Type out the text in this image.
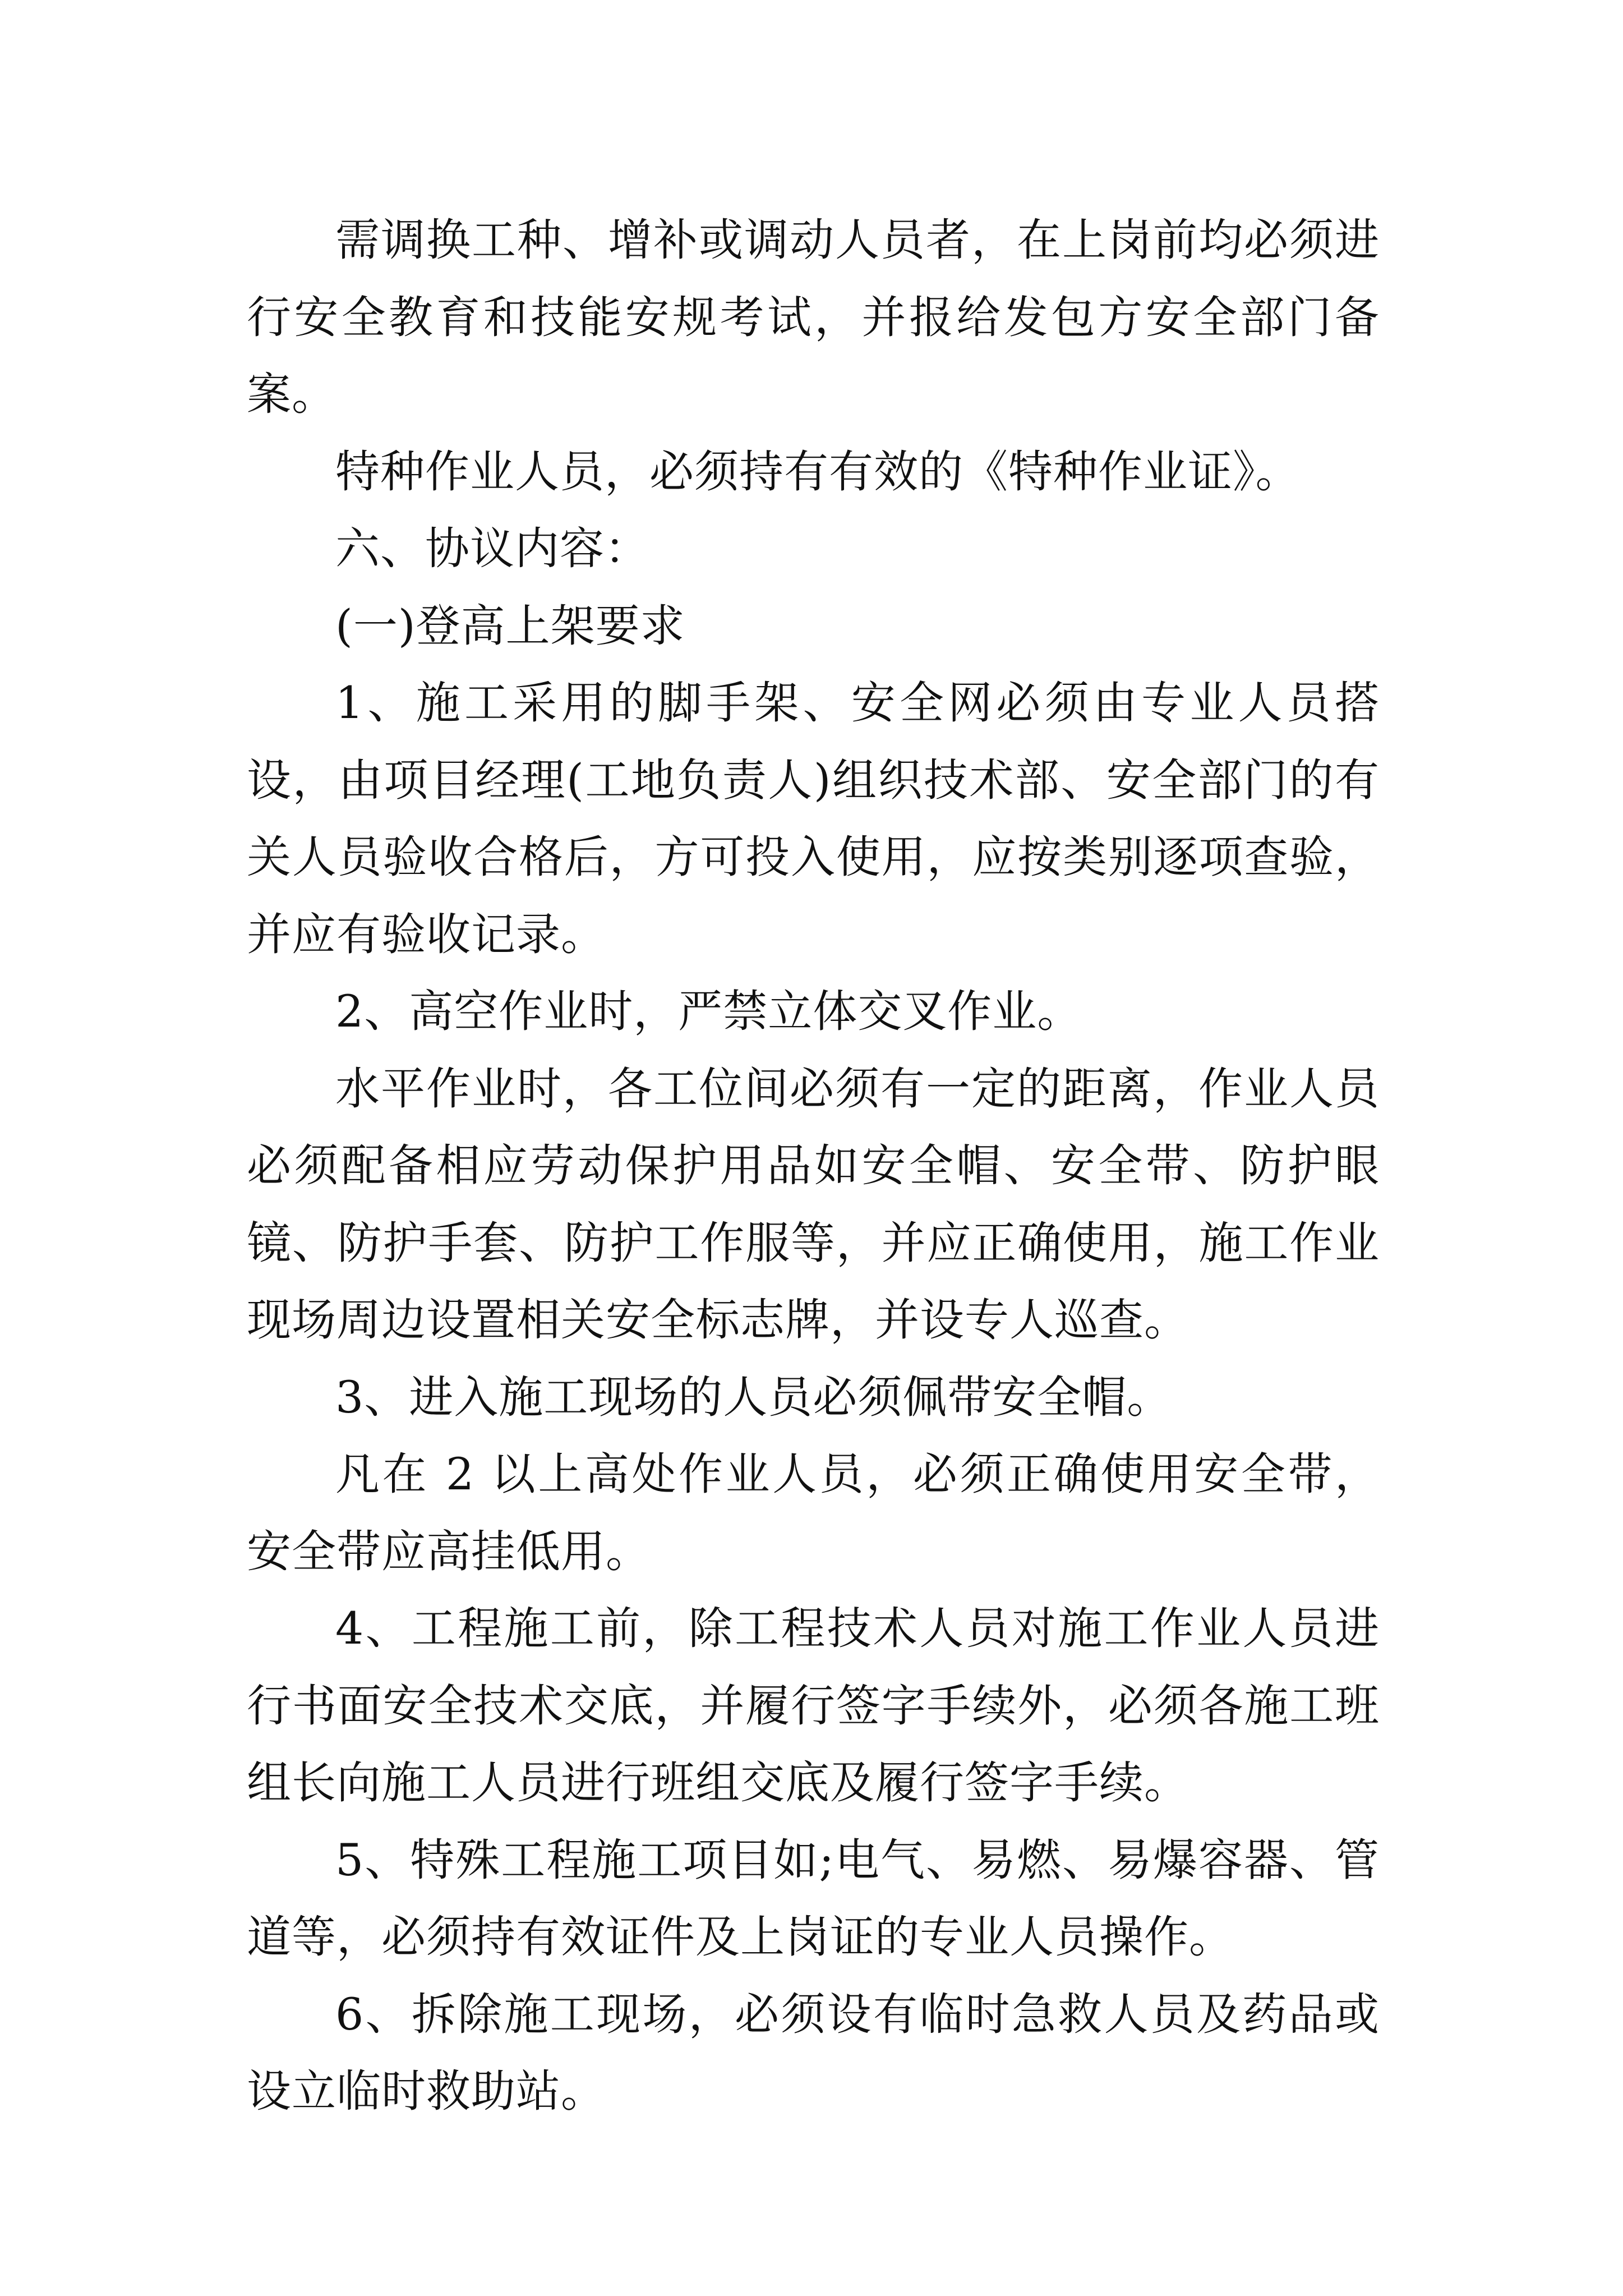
需调换工种、增补或调动人员者，在上岗前均必须进行安全教育和技能安规考试，并报给发包方安全部门备案。

特种作业人员，必须持有有效的《特种作业证》。

六、协议内容：

(一)登高上架要求

1、施工采用的脚手架、安全网必须由专业人员搭设，由项目经理(工地负责人)组织技术部、安全部门的有关人员验收合格后，方可投入使用，应按类别逐项查验，并应有验收记录。

2、高空作业时，严禁立体交叉作业。

水平作业时，各工位间必须有一定的距离，作业人员必须配备相应劳动保护用品如安全帽、安全带、防护眼镜、防护手套、防护工作服等，并应正确使用，施工作业现场周边设置相关安全标志牌，并设专人巡查。

3、进入施工现场的人员必须佩带安全帽。

凡在 2 以上高处作业人员，必须正确使用安全带，安全带应高挂低用。

4、工程施工前，除工程技术人员对施工作业人员进行书面安全技术交底，并履行签字手续外，必须各施工班组长向施工人员进行班组交底及履行签字手续。

5、特殊工程施工项目如;电气、易燃、易爆容器、管道等，必须持有效证件及上岗证的专业人员操作。

6、拆除施工现场，必须设有临时急救人员及药品或设立临时救助站。
